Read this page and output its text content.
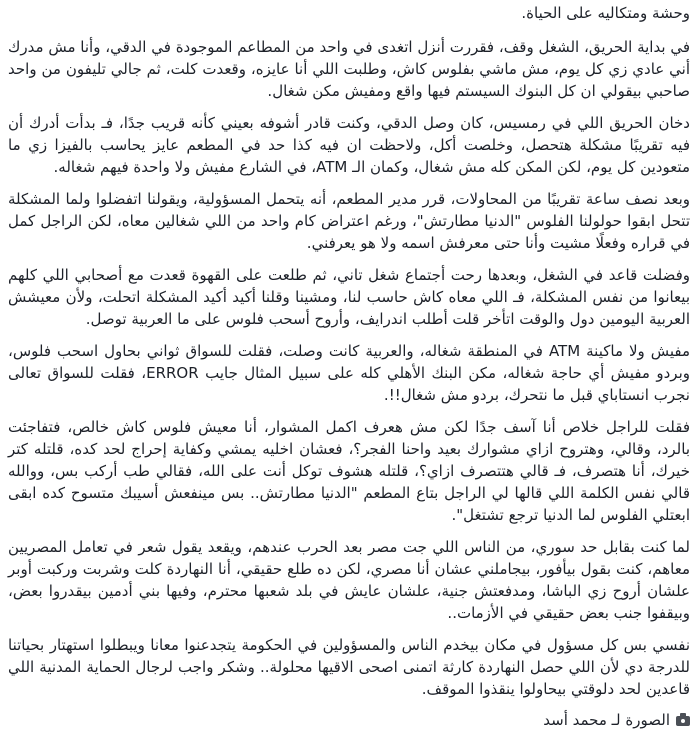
وحشة ومتكاليه على الحياة.

في بداية الحريق، الشغل وقف، فقررت أنزل اتغدى في واحد من المطاعم الموجودة في الدقي، وأنا مش مدرك أني عادي زي كل يوم، مش ماشي بفلوس كاش، وطلبت اللي أنا عايزه، وقعدت كلت، ثم جالي تليفون من واحد صاحبي بيقولي ان كل البنوك السيستم فيها واقع ومفيش مكن شغال.

دخان الحريق اللي في رمسيس، كان وصل الدقي، وكنت قادر أشوفه بعيني كأنه قريب جدًا، فـ بدأت أدرك أن فيه تقريبًا مشكلة هتحصل، وخلصت أكل، ولاحظت ان فيه كذا حد في المطعم عايز يحاسب بالفيزا زي ما متعودين كل يوم، لكن المكن كله مش شغال، وكمان الـ ATM، في الشارع مفيش ولا واحدة فيهم شغاله.

وبعد نصف ساعة تقريبًا من المحاولات، قرر مدير المطعم، أنه يتحمل المسؤولية، ويقولنا اتفضلوا ولما المشكلة تتحل ابقوا حولولنا الفلوس "الدنيا مطارتش"، ورغم اعتراض كام واحد من اللي شغالين معاه، لكن الراجل كمل في قراره وفعلًا مشيت وأنا حتى معرفش اسمه ولا هو يعرفني.

وفضلت قاعد في الشغل، وبعدها رحت أجتماع شغل تاني، ثم طلعت على القهوة قعدت مع أصحابي اللي كلهم بيعانوا من نفس المشكلة، فـ اللي معاه كاش حاسب لنا، ومشينا وقلنا أكيد أكيد المشكلة اتحلت، ولأن معيشش العربية اليومين دول والوقت اتأخر قلت أطلب اندرايف، وأروح أسحب فلوس على ما العربية توصل.

مفيش ولا ماكينة ATM في المنطقة شغاله، والعربية كانت وصلت، فقلت للسواق ثواني بحاول اسحب فلوس، وبردو مفيش أي حاجة شغاله، مكن البنك الأهلي كله على سبيل المثال جايب ERROR، فقلت للسواق تعالى نجرب انستاباي قبل ما نتحرك، بردو مش شغال!!.

فقلت للراجل خلاص أنا آسف جدًا لكن مش هعرف اكمل المشوار، أنا معيش فلوس كاش خالص، فتفاجئت بالرد، وقالي، وهتروح ازاي مشوارك بعيد واحنا الفجر؟، فعشان اخليه يمشي وكفاية إحراج لحد كده، قلتله كتر خيرك، أنا هتصرف، فـ قالي هتتصرف ازاي؟، قلتله هشوف توكل أنت على الله، فقالي طب أركب بس، ووالله قالي نفس الكلمة اللي قالها لي الراجل بتاع المطعم "الدنيا مطارتش.. بس مينفعش أسيبك متسوح كده ابقى ابعتلي الفلوس لما الدنيا ترجع تشتغل".

لما كنت بقابل حد سوري، من الناس اللي جت مصر بعد الحرب عندهم، ويقعد يقول شعر في تعامل المصريين معاهم، كنت بقول بيأفور، بيجاملني عشان أنا مصري، لكن ده طلع حقيقي، أنا النهاردة كلت وشربت وركبت أوبر علشان أروح زي الباشا، ومدفعتش جنية، علشان عايش في بلد شعبها محترم، وفيها بني أدمين بيقدروا بعض، وبيقفوا جنب بعض حقيقي في الأزمات..

نفسي بس كل مسؤول في مكان بيخدم الناس والمسؤولين في الحكومة يتجدعنوا معانا ويبطلوا استهتار بحياتنا للدرجة دي لأن اللي حصل النهاردة كارثة اتمنى اصحى الاقيها محلولة.. وشكر واجب لرجال الحماية المدنية اللي قاعدين لحد دلوقتي بيحاولوا ينقذوا الموقف.

الصورة لـ محمد أسد
